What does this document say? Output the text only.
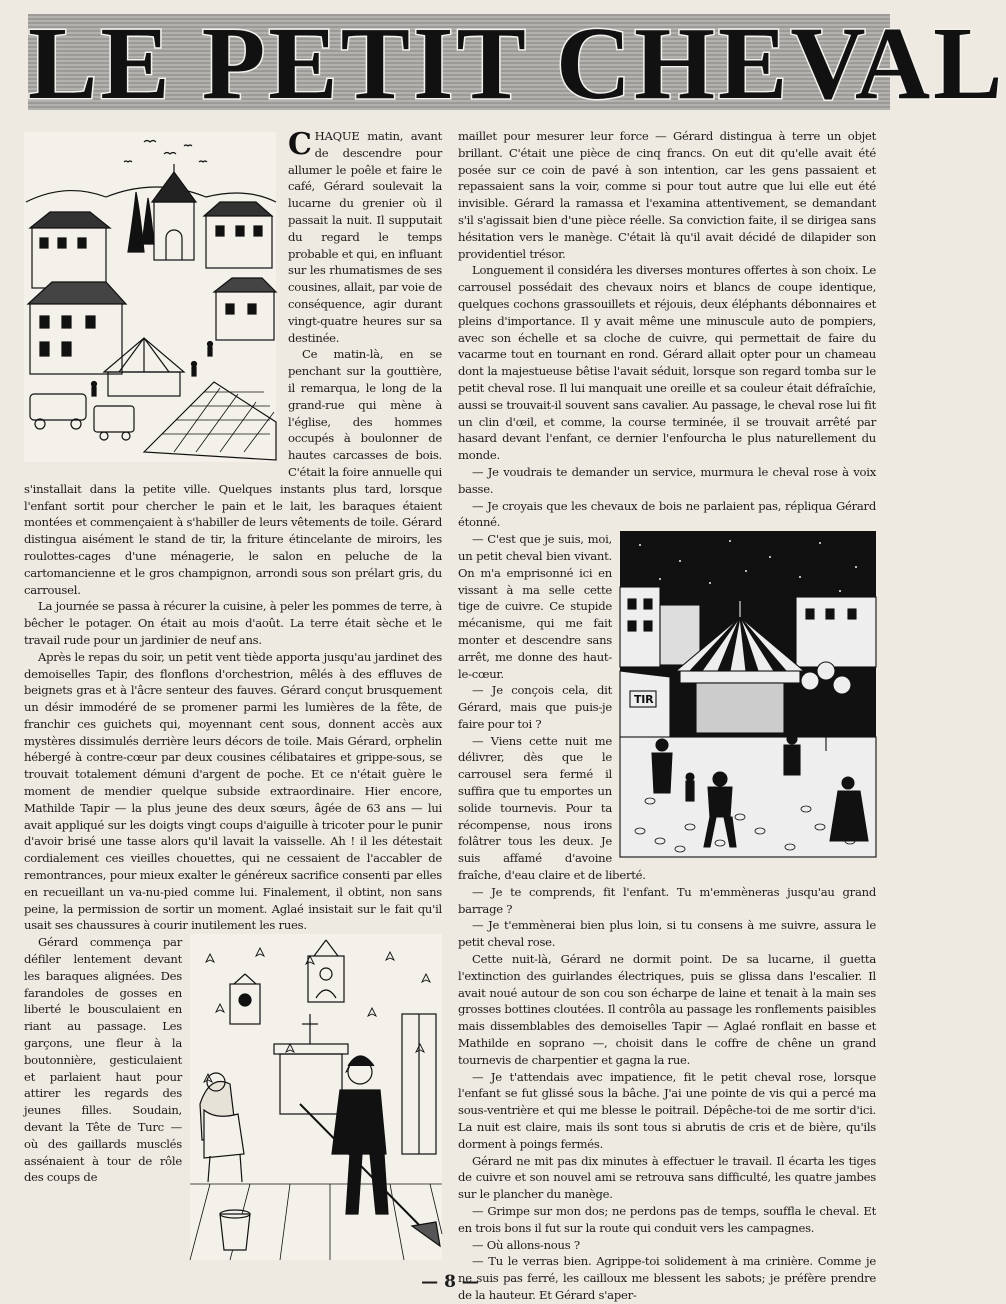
LE PETIT CHEVAL
C HAQUE matin, avant de descendre pour allumer le poêle et faire le café, Gérard soulevait la lucarne du grenier où il passait la nuit. Il supputait du regard le temps probable et qui, en influant sur les rhumatismes de ses cousines, allait, par voie de conséquence, agir durant vingt-quatre heures sur sa destinée.

Ce matin-là, en se penchant sur la gouttière, il remarqua, le long de la grand-rue qui mène à l'église, des hommes occupés à boulonner de hautes carcasses de bois. C'était la foire annuelle qui s'installait dans la petite ville. Quelques instants plus tard, lorsque l'enfant sortit pour chercher le pain et le lait, les baraques étaient montées et commençaient à s'habiller de leurs vêtements de toile. Gérard distingua aisément le stand de tir, la friture étincelante de miroirs, les roulottes-cages d'une ménagerie, le salon en peluche de la cartomancienne et le gros champignon, arrondi sous son prélart gris, du carrousel.

La journée se passa à récurer la cuisine, à peler les pommes de terre, à bêcher le potager. On était au mois d'août. La terre était sèche et le travail rude pour un jardinier de neuf ans.

Après le repas du soir, un petit vent tiède apporta jusqu'au jardinet des demoiselles Tapir, des flonflons d'orchestrion, mêlés à des effluves de beignets gras et à l'âcre senteur des fauves. Gérard conçut brusquement un désir immodéré de se promener parmi les lumières de la fête, de franchir ces guichets qui, moyennant cent sous, donnent accès aux mystères dissimulés derrière leurs décors de toile. Mais Gérard, orphelin hébergé à contre-cœur par deux cousines célibataires et grippe-sous, se trouvait totalement démuni d'argent de poche. Et ce n'était guère le moment de mendier quelque subside extraordinaire. Hier encore, Mathilde Tapir — la plus jeune des deux sœurs, âgée de 63 ans — lui avait appliqué sur les doigts vingt coups d'aiguille à tricoter pour le punir d'avoir brisé une tasse alors qu'il lavait la vaisselle. Ah ! il les détestait cordialement ces vieilles chouettes, qui ne cessaient de l'accabler de remontrances, pour mieux exalter le généreux sacrifice consenti par elles en recueillant un va-nu-pied comme lui. Finalement, il obtint, non sans peine, la permission de sortir un moment. Aglaé insistait sur le fait qu'il usait ses chaussures à courir inutilement les rues.

Gérard commença par défiler lentement devant les baraques alignées. Des farandoles de gosses en liberté le bousculaient en riant au passage. Les garçons, une fleur à la boutonnière, gesticulaient et parlaient haut pour attirer les regards des jeunes filles. Soudain, devant la Tête de Turc — où des gaillards musclés assénaient à tour de rôle des coups de

maillet pour mesurer leur force — Gérard distingua à terre un objet brillant. C'était une pièce de cinq francs. On eut dit qu'elle avait été posée sur ce coin de pavé à son intention, car les gens passaient et repassaient sans la voir, comme si pour tout autre que lui elle eut été invisible. Gérard la ramassa et l'examina attentivement, se demandant s'il s'agissait bien d'une pièce réelle. Sa conviction faite, il se dirigea sans hésitation vers le manège. C'était là qu'il avait décidé de dilapider son providentiel trésor.

Longuement il considéra les diverses montures offertes à son choix. Le carrousel possédait des chevaux noirs et blancs de coupe identique, quelques cochons grassouillets et réjouis, deux éléphants débonnaires et pleins d'importance. Il y avait même une minuscule auto de pompiers, avec son échelle et sa cloche de cuivre, qui permettait de faire du vacarme tout en tournant en rond. Gérard allait opter pour un chameau dont la majestueuse bêtise l'avait séduit, lorsque son regard tomba sur le petit cheval rose. Il lui manquait une oreille et sa couleur était défraîchie, aussi se trouvait-il souvent sans cavalier. Au passage, le cheval rose lui fit un clin d'œil, et comme, la course terminée, il se trouvait arrêté par hasard devant l'enfant, ce dernier l'enfourcha le plus naturellement du monde.

— Je voudrais te demander un service, murmura le cheval rose à voix basse.

— Je croyais que les chevaux de bois ne parlaient pas, répliqua Gérard étonné.

TIR

— C'est que je suis, moi, un petit cheval bien vivant. On m'a emprisonné ici en vissant à ma selle cette tige de cuivre. Ce stupide mécanisme, qui me fait monter et descendre sans arrêt, me donne des haut-le-cœur.

— Je conçois cela, dit Gérard, mais que puis-je faire pour toi ?

— Viens cette nuit me délivrer, dès que le carrousel sera fermé il suffira que tu emportes un solide tournevis. Pour ta récompense, nous irons folâtrer tous les deux. Je suis affamé d'avoine fraîche, d'eau claire et de liberté.

— Je te comprends, fit l'enfant. Tu m'emmèneras jusqu'au grand barrage ?

— Je t'emmènerai bien plus loin, si tu consens à me suivre, assura le petit cheval rose.

Cette nuit-là, Gérard ne dormit point. De sa lucarne, il guetta l'extinction des guirlandes électriques, puis se glissa dans l'escalier. Il avait noué autour de son cou son écharpe de laine et tenait à la main ses grosses bottines cloutées. Il contrôla au passage les ronflements paisibles mais dissemblables des demoiselles Tapir — Aglaé ronflait en basse et Mathilde en soprano —, choisit dans le coffre de chêne un grand tournevis de charpentier et gagna la rue.

— Je t'attendais avec impatience, fit le petit cheval rose, lorsque l'enfant se fut glissé sous la bâche. J'ai une pointe de vis qui a percé ma sous-ventrière et qui me blesse le poitrail. Dépêche-toi de me sortir d'ici. La nuit est claire, mais ils sont tous si abrutis de cris et de bière, qu'ils dorment à poings fermés.

Gérard ne mit pas dix minutes à effectuer le travail. Il écarta les tiges de cuivre et son nouvel ami se retrouva sans difficulté, les quatre jambes sur le plancher du manège.

— Grimpe sur mon dos; ne perdons pas de temps, souffla le cheval. Et en trois bons il fut sur la route qui conduit vers les campagnes.

— Où allons-nous ?

— Tu le verras bien. Agrippe-toi solidement à ma crinière. Comme je ne suis pas ferré, les cailloux me blessent les sabots; je préfère prendre de la hauteur. Et Gérard s'aper-

— 8 —
